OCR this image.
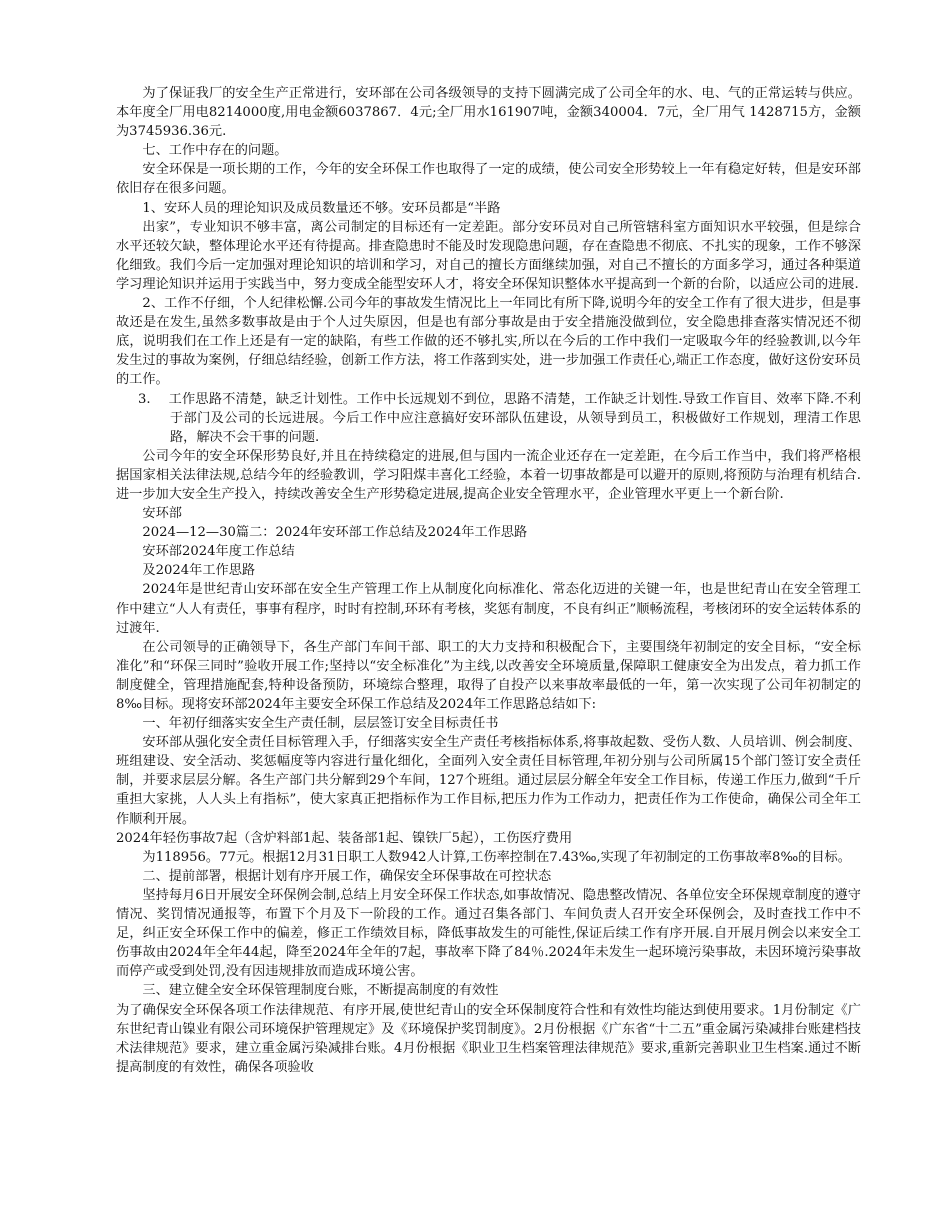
为了保证我厂的安全生产正常进行，安环部在公司各级领导的支持下圆满完成了公司全年的水、电、气的正常运转与供应。本年度全厂用电8214000度,用电金额6037867．4元;全厂用水161907吨，金额340004．7元，全厂用气 1428715方，金额为3745936.36元.

七、工作中存在的问题。

安全环保是一项长期的工作，今年的安全环保工作也取得了一定的成绩，使公司安全形势较上一年有稳定好转，但是安环部依旧存在很多问题。

1、安环人员的理论知识及成员数量还不够。安环员都是“半路

出家”，专业知识不够丰富，离公司制定的目标还有一定差距。部分安环员对自己所管辖科室方面知识水平较强，但是综合水平还较欠缺，整体理论水平还有待提高。排查隐患时不能及时发现隐患问题，存在查隐患不彻底、不扎实的现象，工作不够深化细致。我们今后一定加强对理论知识的培训和学习，对自己的擅长方面继续加强，对自己不擅长的方面多学习，通过各种渠道学习理论知识并运用于实践当中，努力变成全能型安环人才，将安全环保知识整体水平提高到一个新的台阶，以适应公司的进展.

2、工作不仔细，个人纪律松懈.公司今年的事故发生情况比上一年同比有所下降,说明今年的安全工作有了很大进步，但是事故还是在发生,虽然多数事故是由于个人过失原因，但是也有部分事故是由于安全措施没做到位，安全隐患排查落实情况还不彻底，说明我们在工作上还是有一定的缺陷，有些工作做的还不够扎实,所以在今后的工作中我们一定吸取今年的经验教训,以今年发生过的事故为案例，仔细总结经验，创新工作方法，将工作落到实处，进一步加强工作责任心,端正工作态度，做好这份安环员的工作。

3.　 工作思路不清楚，缺乏计划性。工作中长远规划不到位，思路不清楚，工作缺乏计划性.导致工作盲目、效率下降.不利于部门及公司的长远进展。今后工作中应注意搞好安环部队伍建设，从领导到员工，积极做好工作规划，理清工作思路，解决不会干事的问题.

公司今年的安全环保形势良好,并且在持续稳定的进展,但与国内一流企业还存在一定差距，在今后工作当中，我们将严格根据国家相关法律法规,总结今年的经验教训，学习阳煤丰喜化工经验，本着一切事故都是可以避开的原则,将预防与治理有机结合.进一步加大安全生产投入，持续改善安全生产形势稳定进展,提高企业安全管理水平，企业管理水平更上一个新台阶.

安环部

2024—12—30篇二：2024年安环部工作总结及2024年工作思路

安环部2024年度工作总结

及2024年工作思路

2024年是世纪青山安环部在安全生产管理工作上从制度化向标准化、常态化迈进的关键一年，也是世纪青山在安全管理工作中建立“人人有责任，事事有程序，时时有控制,环环有考核，奖惩有制度，不良有纠正”顺畅流程，考核闭环的安全运转体系的过渡年.

在公司领导的正确领导下，各生产部门车间干部、职工的大力支持和积极配合下，主要围绕年初制定的安全目标，“安全标准化”和“环保三同时”验收开展工作;坚持以“安全标准化”为主线,以改善安全环境质量,保障职工健康安全为出发点，着力抓工作制度健全，管理措施配套,特种设备预防，环境综合整理，取得了自投产以来事故率最低的一年，第一次实现了公司年初制定的8‰目标。现将安环部2024年主要安全环保工作总结及2024年工作思路总结如下:

一、年初仔细落实安全生产责任制，层层签订安全目标责任书

安环部从强化安全责任目标管理入手，仔细落实安全生产责任考核指标体系,将事故起数、受伤人数、人员培训、例会制度、班组建设、安全活动、奖惩幅度等内容进行量化细化，全面列入安全责任目标管理,年初分别与公司所属15个部门签订安全责任制，并要求层层分解。各生产部门共分解到29个车间，127个班组。通过层层分解全年安全工作目标，传递工作压力,做到“千斤重担大家挑，人人头上有指标”，使大家真正把指标作为工作目标,把压力作为工作动力，把责任作为工作使命，确保公司全年工作顺利开展。

2024年轻伤事故7起（含炉料部1起、装备部1起、镍铁厂5起），工伤医疗费用

为118956。77元。根据12月31日职工人数942人计算,工伤率控制在7.43‰,实现了年初制定的工伤事故率8‰的目标。

二、提前部署，根据计划有序开展工作，确保安全环保事故在可控状态

坚持每月6日开展安全环保例会制,总结上月安全环保工作状态,如事故情况、隐患整改情况、各单位安全环保规章制度的遵守情况、奖罚情况通报等，布置下个月及下一阶段的工作。通过召集各部门、车间负责人召开安全环保例会，及时查找工作中不足，纠正安全环保工作中的偏差，修正工作绩效目标，降低事故发生的可能性,保证后续工作有序开展.自开展月例会以来安全工伤事故由2024年全年44起，降至2024年全年的7起，事故率下降了84％.2024年未发生一起环境污染事故，未因环境污染事故而停产或受到处罚,没有因违规排放而造成环境公害。

三、建立健全安全环保管理制度台账，不断提高制度的有效性

为了确保安全环保各项工作法律规范、有序开展,使世纪青山的安全环保制度符合性和有效性均能达到使用要求。1月份制定《广东世纪青山镍业有限公司环境保护管理规定》及《环境保护奖罚制度》。2月份根据《广东省“十二五”重金属污染减排台账建档技术法律规范》要求，建立重金属污染减排台账。4月份根据《职业卫生档案管理法律规范》要求,重新完善职业卫生档案.通过不断提高制度的有效性，确保各项验收
